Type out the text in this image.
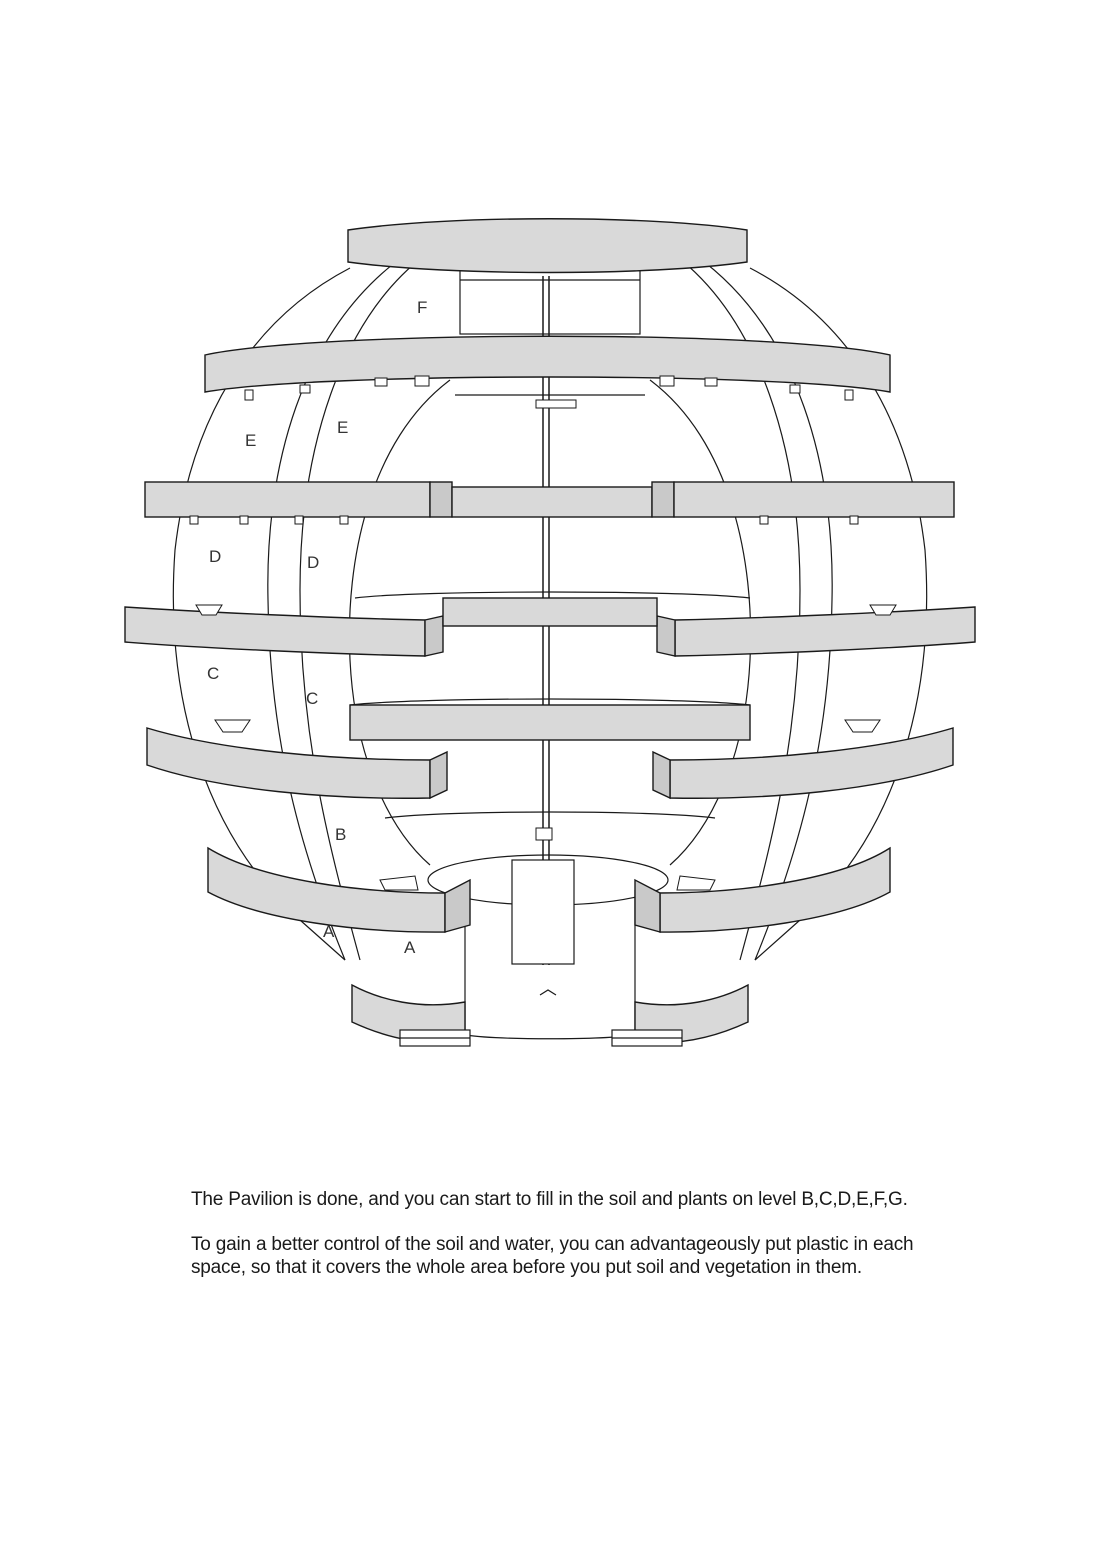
F
E
E
D	D
C
C
B
A
A

The Pavilion is done, and you can start to fill in the soil and plants on level B,C,D,E,F,G.

To gain a better control of the soil and water, you can advantageously put plastic in each space, so that it covers the whole area before you put soil and vegetation in them.
